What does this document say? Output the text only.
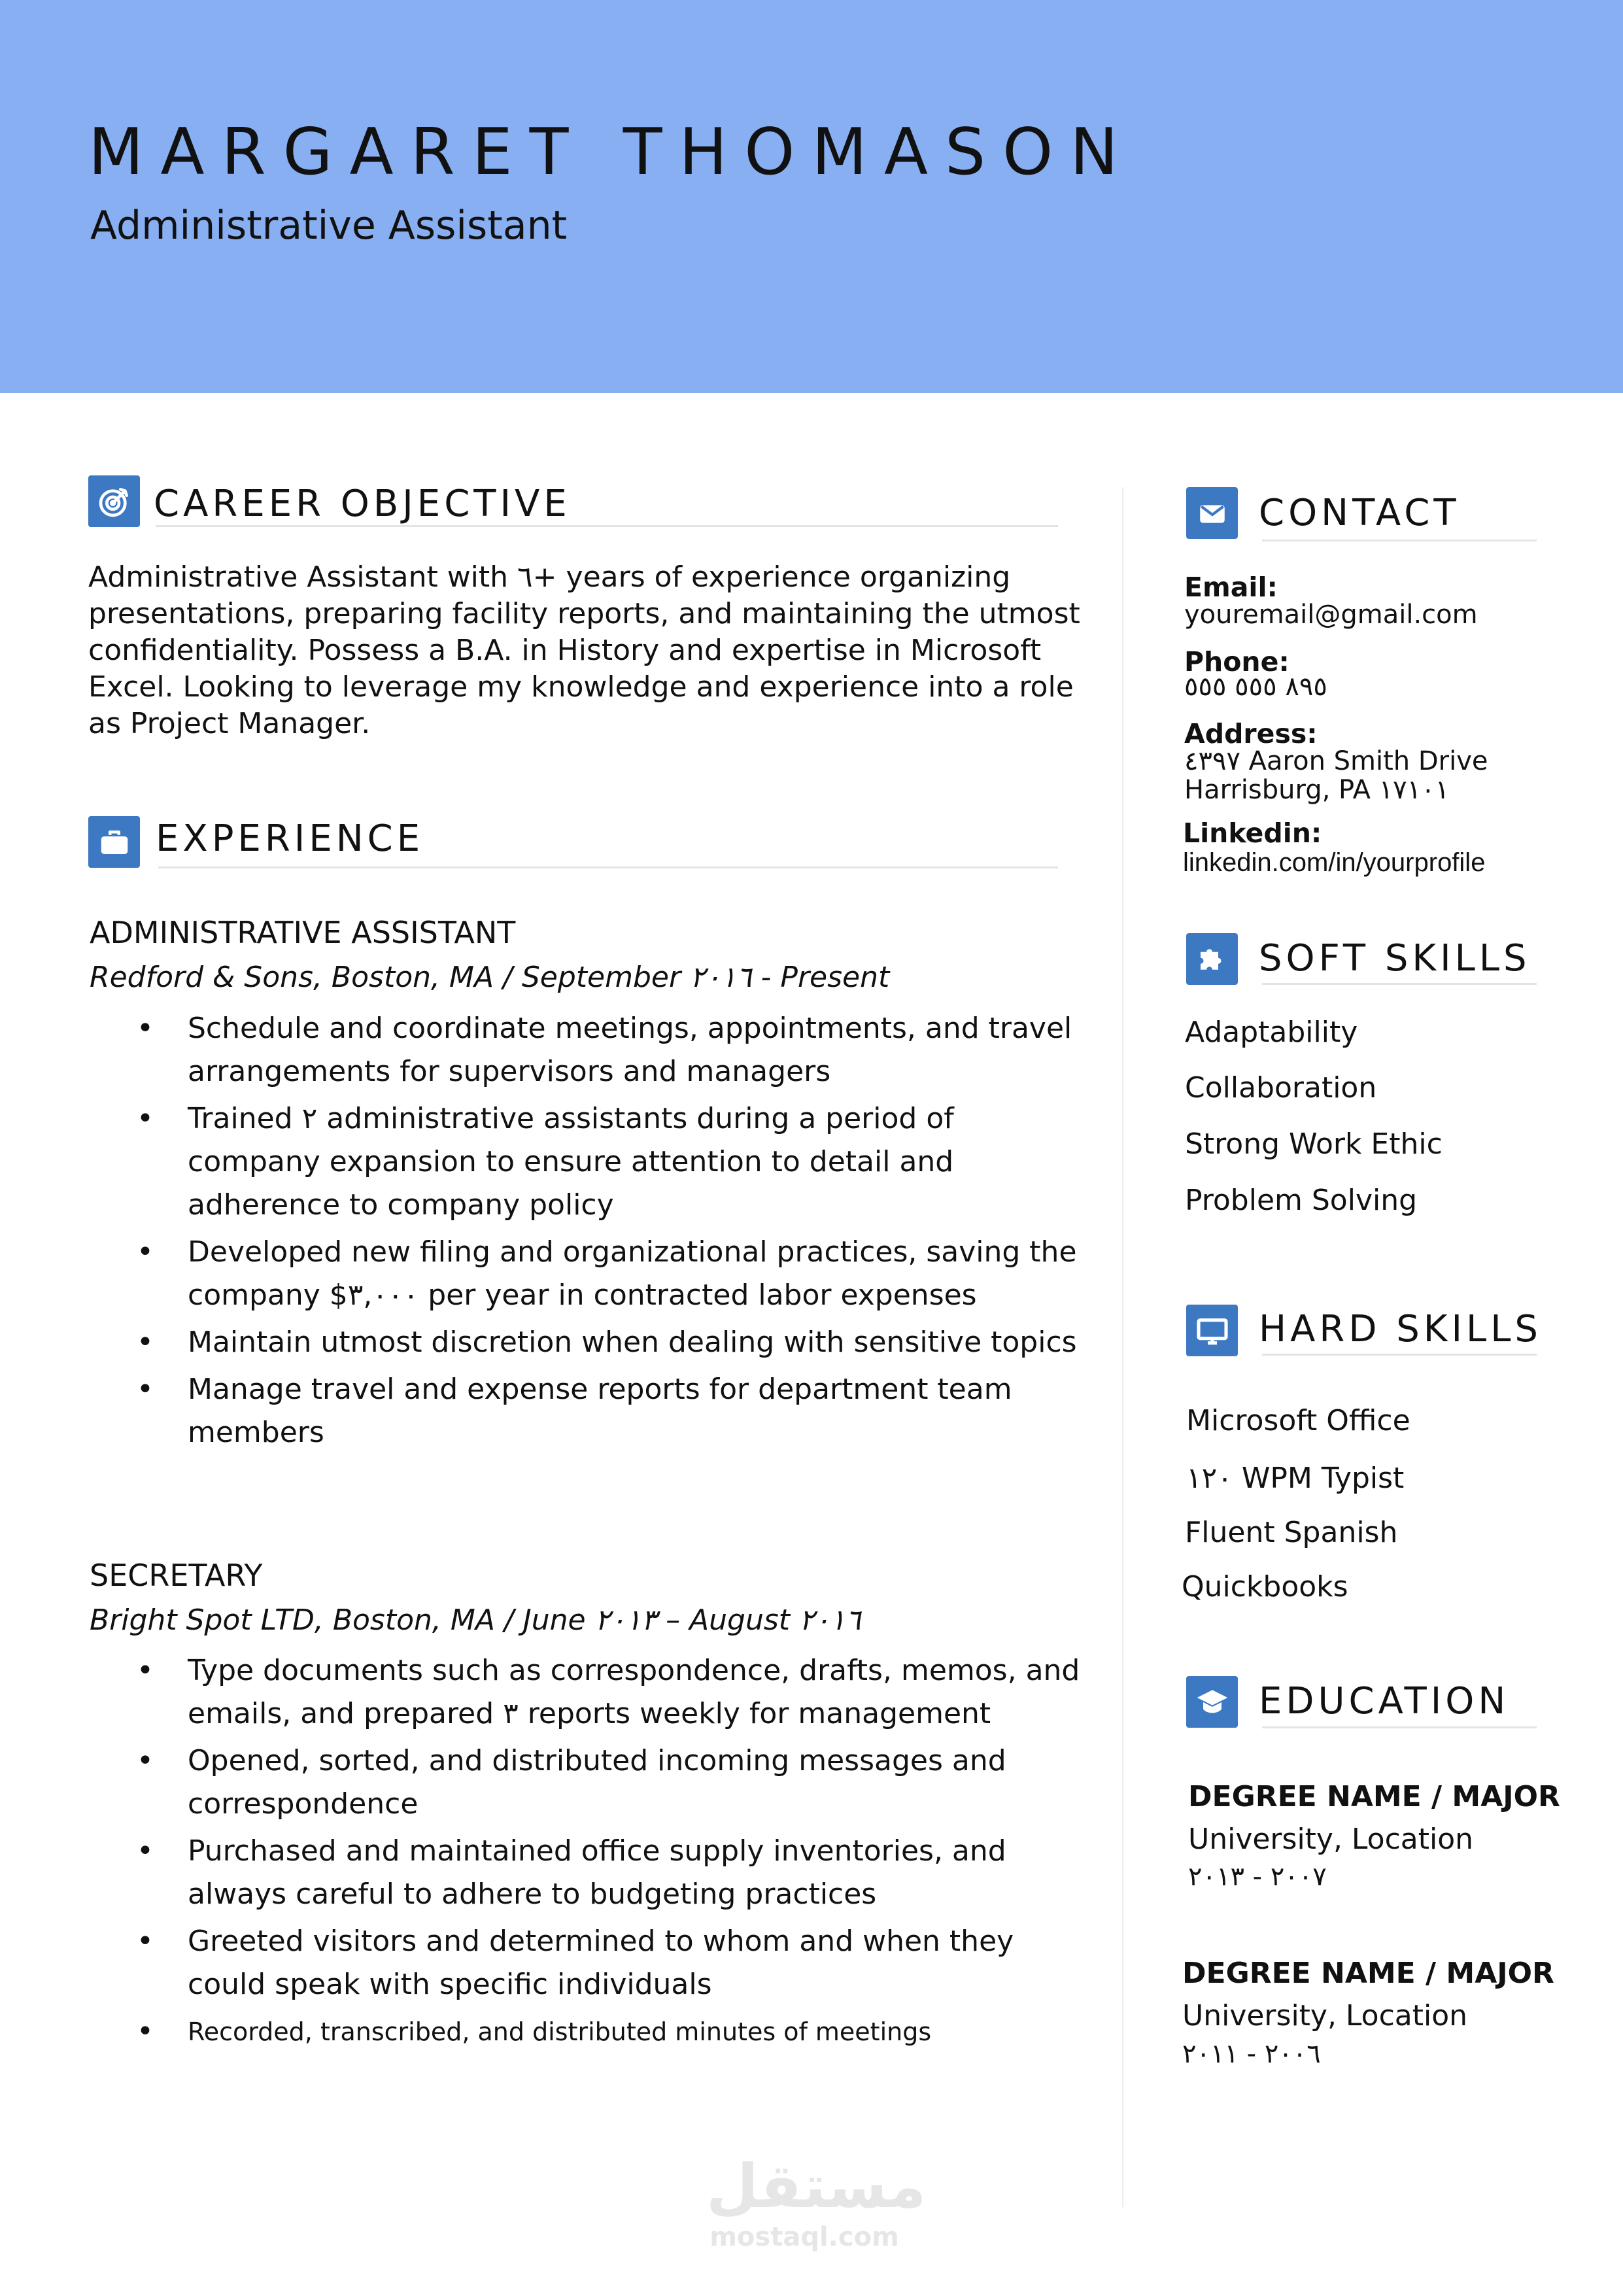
MARGARET THOMASON
Administrative Assistant
CAREER OBJECTIVE
Administrative Assistant with ٦+ years of experience organizing presentations, preparing facility reports, and maintaining the utmost confidentiality. Possess a B.A. in History and expertise in Microsoft Excel. Looking to leverage my knowledge and experience into a role as Project Manager.
EXPERIENCE
ADMINISTRATIVE ASSISTANT
Redford & Sons, Boston, MA / September ٢٠١٦ - Present
• Schedule and coordinate meetings, appointments, and travel arrangements for supervisors and managers
• Trained ٢ administrative assistants during a period of company expansion to ensure attention to detail and adherence to company policy
• Developed new filing and organizational practices, saving the company $٣,٠٠٠ per year in contracted labor expenses
• Maintain utmost discretion when dealing with sensitive topics
• Manage travel and expense reports for department team members
SECRETARY
Bright Spot LTD, Boston, MA / June ٢٠١٣ – August ٢٠١٦
• Type documents such as correspondence, drafts, memos, and emails, and prepared ٣ reports weekly for management
• Opened, sorted, and distributed incoming messages and correspondence
• Purchased and maintained office supply inventories, and always careful to adhere to budgeting practices
• Greeted visitors and determined to whom and when they could speak with specific individuals
• Recorded, transcribed, and distributed minutes of meetings
CONTACT
Email:
youremail@gmail.com
Phone:
٨٩٥ ٥٥٥ ٥٥٥
Address:
٤٣٩٧ Aaron Smith Drive
Harrisburg, PA ١٧١٠١
Linkedin:
linkedin.com/in/yourprofile
SOFT SKILLS
Adaptability
Collaboration
Strong Work Ethic
Problem Solving
HARD SKILLS
Microsoft Office
١٢٠ WPM Typist
Fluent Spanish
Quickbooks
EDUCATION
DEGREE NAME / MAJOR
University, Location
٢٠٠٧ - ٢٠١٣
DEGREE NAME / MAJOR
University, Location
٢٠٠٦ - ٢٠١١
مستقل
mostaql.com
